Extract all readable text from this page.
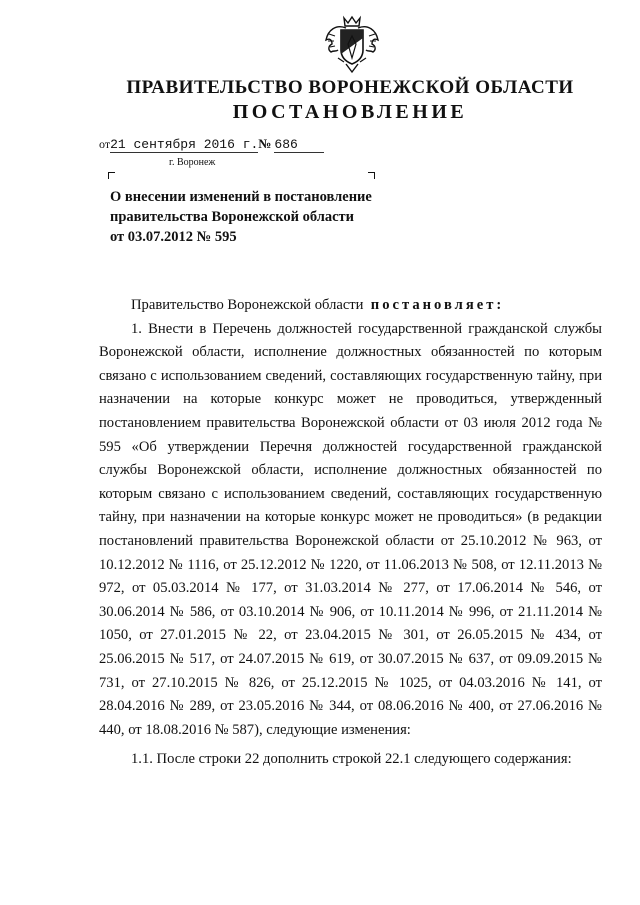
ПРАВИТЕЛЬСТВО ВОРОНЕЖСКОЙ ОБЛАСТИ
ПОСТАНОВЛЕНИЕ
от21 сентября 2016 г.№ 686
г. Воронеж
О внесении изменений в постановление
правительства Воронежской области
от 03.07.2012 № 595

Правительство Воронежской области постановляет:

1. Внести в Перечень должностей государственной гражданской службы Воронежской области, исполнение должностных обязанностей по которым связано с использованием сведений, составляющих государственную тайну, при назначении на которые конкурс может не проводиться, утвержденный постановлением правительства Воронежской области от 03 июля 2012 года № 595 «Об утверждении Перечня должностей государственной гражданской службы Воронежской области, исполнение должностных обязанностей по которым связано с использованием сведений, составляющих государственную тайну, при назначении на которые конкурс может не проводиться» (в редакции постановлений правительства Воронежской области от 25.10.2012 № 963, от 10.12.2012 № 1116, от 25.12.2012 № 1220, от 11.06.2013 № 508, от 12.11.2013 № 972, от 05.03.2014 № 177, от 31.03.2014 № 277, от 17.06.2014 № 546, от 30.06.2014 № 586, от 03.10.2014 № 906, от 10.11.2014 № 996, от 21.11.2014 № 1050, от 27.01.2015 № 22, от 23.04.2015 № 301, от 26.05.2015 № 434, от 25.06.2015 № 517, от 24.07.2015 № 619, от 30.07.2015 № 637, от 09.09.2015 № 731, от 27.10.2015 № 826, от 25.12.2015 № 1025, от 04.03.2016 № 141, от 28.04.2016 № 289, от 23.05.2016 № 344, от 08.06.2016 № 400, от 27.06.2016 № 440, от 18.08.2016 № 587), следующие изменения:

1.1. После строки 22 дополнить строкой 22.1 следующего содержания:
